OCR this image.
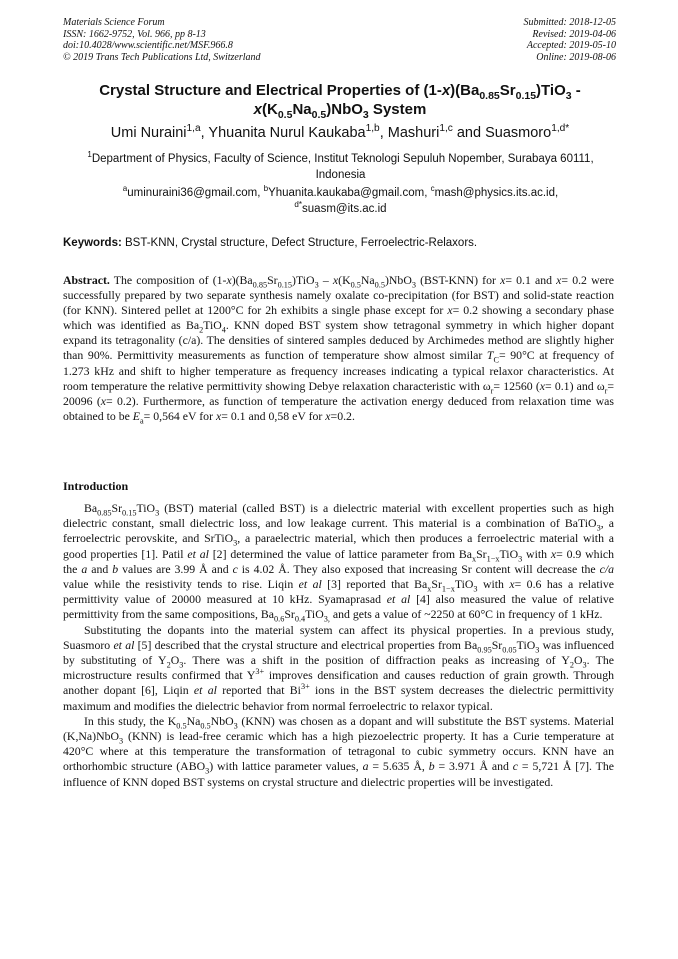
Materials Science Forum
ISSN: 1662-9752, Vol. 966, pp 8-13
doi:10.4028/www.scientific.net/MSF.966.8
© 2019 Trans Tech Publications Ltd, Switzerland
Submitted: 2018-12-05
Revised: 2019-04-06
Accepted: 2019-05-10
Online: 2019-08-06
Crystal Structure and Electrical Properties of $(1-x)(Ba_{0.85}Sr_{0.15})TiO_3$ -
$x(K_{0.5}Na_{0.5})NbO_3$ System
Umi Nuraini$^{1,a}$, Yhuanita Nurul Kaukaba$^{1,b}$, Mashuri$^{1,c}$ and Suasmoro$^{1,d*}$
$^1$Department of Physics, Faculty of Science, Institut Teknologi Sepuluh Nopember, Surabaya 60111, Indonesia
$^a$uminuraini36@gmail.com, $^b$Yhuanita.kaukaba@gmail.com, $^c$mash@physics.its.ac.id,
$^{d*}$suasm@its.ac.id
Keywords: BST-KNN, Crystal structure, Defect Structure, Ferroelectric-Relaxors.
Abstract. The composition of $(1-x)(Ba_{0.85}Sr_{0.15})TiO_3 - x(K_{0.5}Na_{0.5})NbO_3$ (BST-KNN) for x= 0.1 and x= 0.2 were successfully prepared by two separate synthesis namely oxalate co-precipitation (for BST) and solid-state reaction (for KNN). Sintered pellet at 1200°C for 2h exhibits a single phase except for x= 0.2 showing a secondary phase which was identified as $Ba_2TiO_4$. KNN doped BST system show tetragonal symmetry in which higher dopant expand its tetragonality (c/a). The densities of sintered samples deduced by Archimedes method are slightly higher than 90%. Permittivity measurements as function of temperature show almost similar $T_C= 90^\circ C$ at frequency of 1.273 kHz and shift to higher temperature as frequency increases indicating a typical relaxor characteristics. At room temperature the relative permittivity showing Debye relaxation characteristic with $\omega_r= 12560$ (x= 0.1) and $\omega_r= 20096$ (x= 0.2). Furthermore, as function of temperature the activation energy deduced from relaxation time was obtained to be $E_a= 0,564$ eV for x= 0.1 and 0,58 eV for x=0.2.
Introduction

$Ba_{0.85}Sr_{0.15}TiO_3$ (BST) material (called BST) is a dielectric material with excellent properties such as high dielectric constant, small dielectric loss, and low leakage current. This material is a combination of BaTiO$_3$, a ferroelectric perovskite, and SrTiO$_3$, a paraelectric material, which then produces a ferroelectric material with a good properties [1]. Patil et al [2] determined the value of lattice parameter from $Ba_xSr_{1-x}TiO_3$ with x= 0.9 which the a and b values are 3.99 Å and c is 4.02 Å. They also exposed that increasing Sr content will decrease the c/a value while the resistivity tends to rise. Liqin et al [3] reported that $Ba_xSr_{1-x}TiO_3$ with x= 0.6 has a relative permittivity value of 20000 measured at 10 kHz. Syamaprasad et al [4] also measured the value of relative permittivity from the same compositions, $Ba_{0.6}Sr_{0.4}TiO_{3,}$ and gets a value of ~2250 at 60°C in frequency of 1 kHz.

Substituting the dopants into the material system can affect its physical properties. In a previous study, Suasmoro et al [5] described that the crystal structure and electrical properties from $Ba_{0.95}Sr_{0.05}TiO_3$ was influenced by substituting of $Y_2O_3$. There was a shift in the position of diffraction peaks as increasing of $Y_2O_3$. The microstructure results confirmed that $Y^{3+}$ improves densification and causes reduction of grain growth. Through another dopant [6], Liqin et al reported that $Bi^{3+}$ ions in the BST system decreases the dielectric permittivity maximum and modifies the dielectric behavior from normal ferroelectric to relaxor typical.

In this study, the $K_{0.5}Na_{0.5}NbO_3$ (KNN) was chosen as a dopant and will substitute the BST systems. Material (K,Na)NbO$_3$ (KNN) is lead-free ceramic which has a high piezoelectric property. It has a Curie temperature at 420°C where at this temperature the transformation of tetragonal to cubic symmetry occurs. KNN have an orthorhombic structure $(ABO_3)$ with lattice parameter values, a = 5.635 Å, b = 3.971 Å and c = 5,721 Å [7]. The influence of KNN doped BST systems on crystal structure and dielectric properties will be investigated.
